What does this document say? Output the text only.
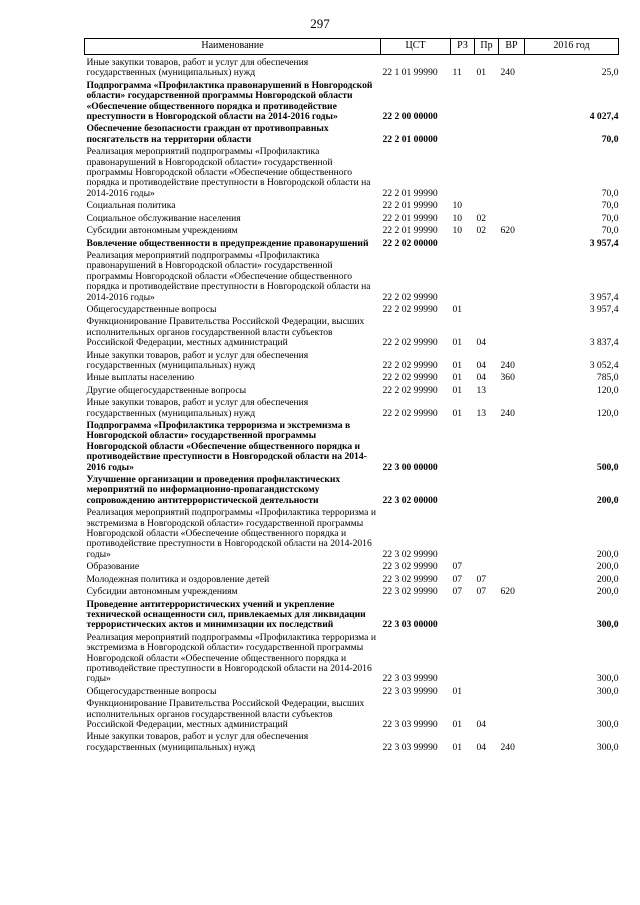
297
Наименование	ЦСТ	РЗ	Пр	ВР	2016 год
Иные закупки товаров, работ и услуг для обеспечения государственных (муниципальных) нужд	22 1 01 99990	11	01	240	25,0
Подпрограмма «Профилактика правонарушений в Новгородской области» государственной программы Новгородской области «Обеспечение общественного порядка и противодействие преступности в Новгородской области на 2014-2016 годы»	22 2 00 00000				4 027,4
Обеспечение безопасности граждан от противоправных посягательств на территории области	22 2 01 00000				70,0
Реализация мероприятий подпрограммы «Профилактика правонарушений в Новгородской области» государственной программы Новгородской области «Обеспечение общественного порядка и противодействие преступности в Новгородской области на 2014-2016 годы»	22 2 01 99990				70,0
Социальная политика	22 2 01 99990	10			70,0
Социальное обслуживание населения	22 2 01 99990	10	02		70,0
Субсидии автономным учреждениям	22 2 01 99990	10	02	620	70,0
Вовлечение общественности в предупреждение правонарушений	22 2 02 00000				3 957,4
Реализация мероприятий подпрограммы «Профилактика правонарушений в Новгородской области» государственной программы Новгородской области «Обеспечение общественного порядка и противодействие преступности в Новгородской области на 2014-2016 годы»	22 2 02 99990				3 957,4
Общегосударственные вопросы	22 2 02 99990	01			3 957,4
Функционирование Правительства Российской Федерации, высших исполнительных органов государственной власти субъектов Российской Федерации, местных администраций	22 2 02 99990	01	04		3 837,4
Иные закупки товаров, работ и услуг для обеспечения государственных (муниципальных) нужд	22 2 02 99990	01	04	240	3 052,4
Иные выплаты населению	22 2 02 99990	01	04	360	785,0
Другие общегосударственные вопросы	22 2 02 99990	01	13		120,0
Иные закупки товаров, работ и услуг для обеспечения государственных (муниципальных) нужд	22 2 02 99990	01	13	240	120,0
Подпрограмма «Профилактика терроризма и экстремизма в Новгородской области» государственной программы Новгородской области «Обеспечение общественного порядка и противодействие преступности в Новгородской области на 2014-2016 годы»	22 3 00 00000				500,0
Улучшение организации и проведения профилактических мероприятий по информационно-пропагандистскому сопровождению антитеррористической деятельности	22 3 02 00000				200,0
Реализация мероприятий подпрограммы «Профилактика терроризма и экстремизма в Новгородской области» государственной программы Новгородской области «Обеспечение общественного порядка и противодействие преступности в Новгородской области на 2014-2016 годы»	22 3 02 99990				200,0
Образование	22 3 02 99990	07			200,0
Молодежная политика и оздоровление детей	22 3 02 99990	07	07		200,0
Субсидии автономным учреждениям	22 3 02 99990	07	07	620	200,0
Проведение антитеррористических учений и укрепление технической оснащенности сил, привлекаемых для ликвидации террористических актов и минимизации их последствий	22 3 03 00000				300,0
Реализация мероприятий подпрограммы «Профилактика терроризма и экстремизма в Новгородской области» государственной программы Новгородской области «Обеспечение общественного порядка и противодействие преступности в Новгородской области на 2014-2016 годы»	22 3 03 99990				300,0
Общегосударственные вопросы	22 3 03 99990	01			300,0
Функционирование Правительства Российской Федерации, высших исполнительных органов государственной власти субъектов Российской Федерации, местных администраций	22 3 03 99990	01	04		300,0
Иные закупки товаров, работ и услуг для обеспечения государственных (муниципальных) нужд	22 3 03 99990	01	04	240	300,0
